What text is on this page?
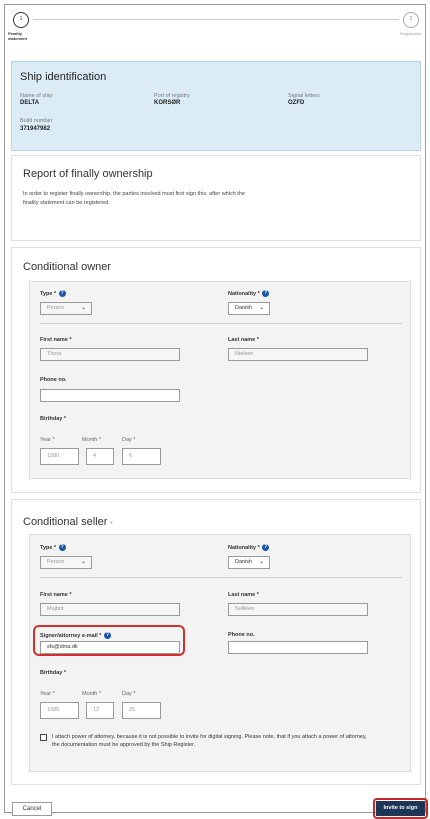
1	2
Finality statement
Registration
Ship identification
Name of ship
DELTA
Port of registry
KORSØR
Signal letters
OZFD
Build number
371947982
Report of finally ownership
In order to register finally ownership, the parties involved must first sign this, after which the finality statement can be registered.
Conditional owner
Type * ?
Person	⌄
Nationality * ?
Danish ⌄
First name *
Thora
Last name *
Nielsen
Phone no.
Birthday *
Year *	Month *	Day *
1980	4	6
Conditional seller •
Type * ?
Person	⌄
Nationality * ?
Danish ⌄
First name *
Majbrit
Last name *
Selliken
Signer/attorney e-mail * ?
sfs@dma.dk
Phone no.
Birthday *
Year *	Month *	Day *
1985	12	25
I attach power of attorney, because it is not possible to invite for digital signing. Please note, that if you attach a power of attorney, the documentation must be approved by the Ship Register.
Cancel	Invite to sign
